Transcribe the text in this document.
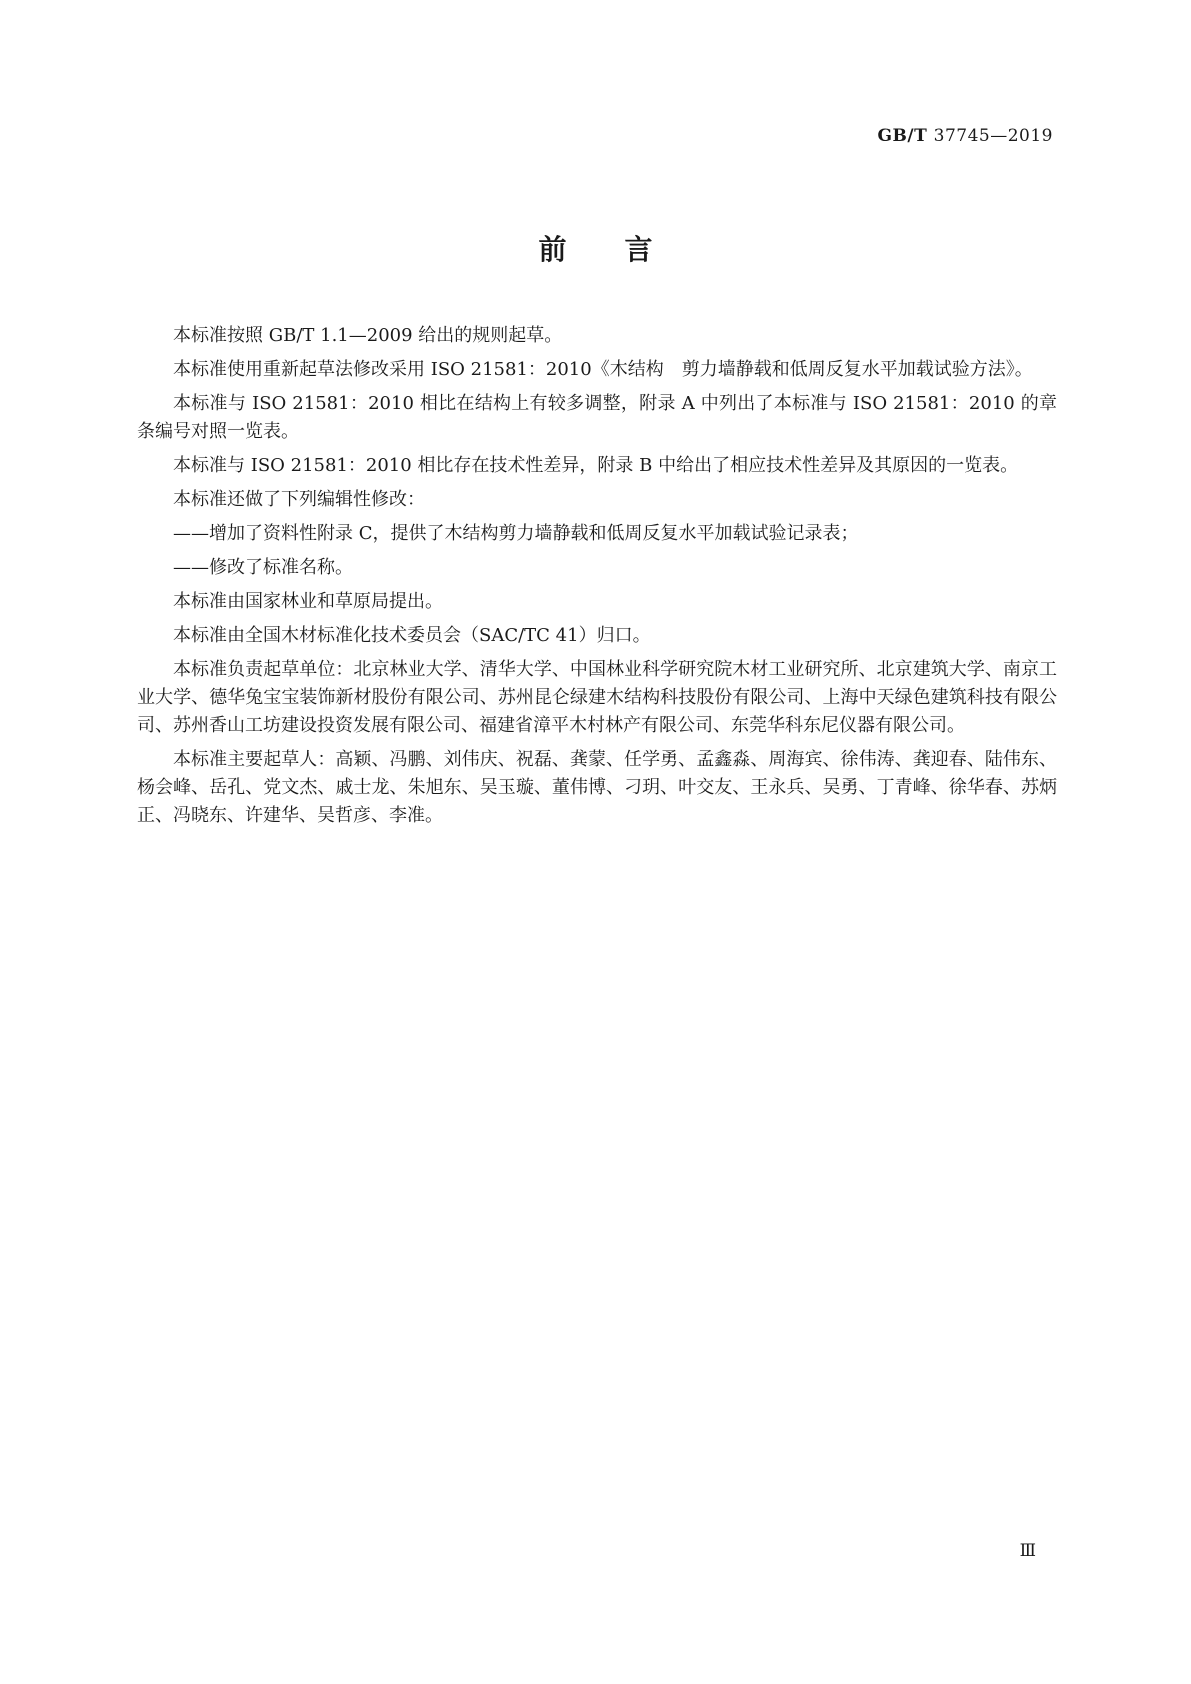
GB/T 37745—2019
前言

本标准按照 GB/T 1.1—2009 给出的规则起草。

本标准使用重新起草法修改采用 ISO 21581：2010《木结构　剪力墙静载和低周反复水平加载试验方法》。

本标准与 ISO 21581：2010 相比在结构上有较多调整，附录 A 中列出了本标准与 ISO 21581：2010 的章条编号对照一览表。

本标准与 ISO 21581：2010 相比存在技术性差异，附录 B 中给出了相应技术性差异及其原因的一览表。

本标准还做了下列编辑性修改：

——增加了资料性附录 C，提供了木结构剪力墙静载和低周反复水平加载试验记录表；

——修改了标准名称。

本标准由国家林业和草原局提出。

本标准由全国木材标准化技术委员会（SAC/TC 41）归口。

本标准负责起草单位：北京林业大学、清华大学、中国林业科学研究院木材工业研究所、北京建筑大学、南京工业大学、德华兔宝宝装饰新材股份有限公司、苏州昆仑绿建木结构科技股份有限公司、上海中天绿色建筑科技有限公司、苏州香山工坊建设投资发展有限公司、福建省漳平木村林产有限公司、东莞华科东尼仪器有限公司。

本标准主要起草人：高颖、冯鹏、刘伟庆、祝磊、龚蒙、任学勇、孟鑫淼、周海宾、徐伟涛、龚迎春、陆伟东、杨会峰、岳孔、党文杰、戚士龙、朱旭东、吴玉璇、董伟博、刁玥、叶交友、王永兵、吴勇、丁青峰、徐华春、苏炳正、冯晓东、许建华、吴哲彦、李准。

Ⅲ
